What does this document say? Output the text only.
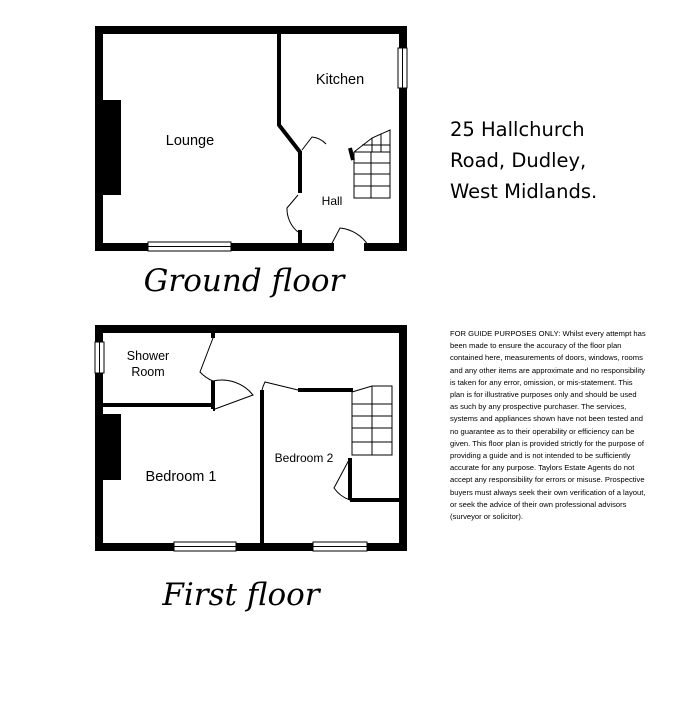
Lounge
Kitchen
Hall
Ground floor
Shower
Room
Bedroom 1
Bedroom 2
First floor
25 Hallchurch
Road, Dudley,
West Midlands.
FOR GUIDE PURPOSES ONLY: Whilst every attempt has been made to ensure the accuracy of the floor plan contained here, measurements of doors, windows, rooms and any other items are approximate and no responsibility is taken for any error, omission, or mis-statement. This plan is for illustrative purposes only and should be used as such by any prospective purchaser. The services, systems and appliances shown have not been tested and no guarantee as to their operability or efficiency can be given. This floor plan is provided strictly for the purpose of providing a guide and is not intended to be sufficiently accurate for any purpose. Taylors Estate Agents do not accept any responsibility for errors or misuse. Prospective buyers must always seek their own verification of a layout, or seek the advice of their own professional advisors (surveyor or solicitor).
